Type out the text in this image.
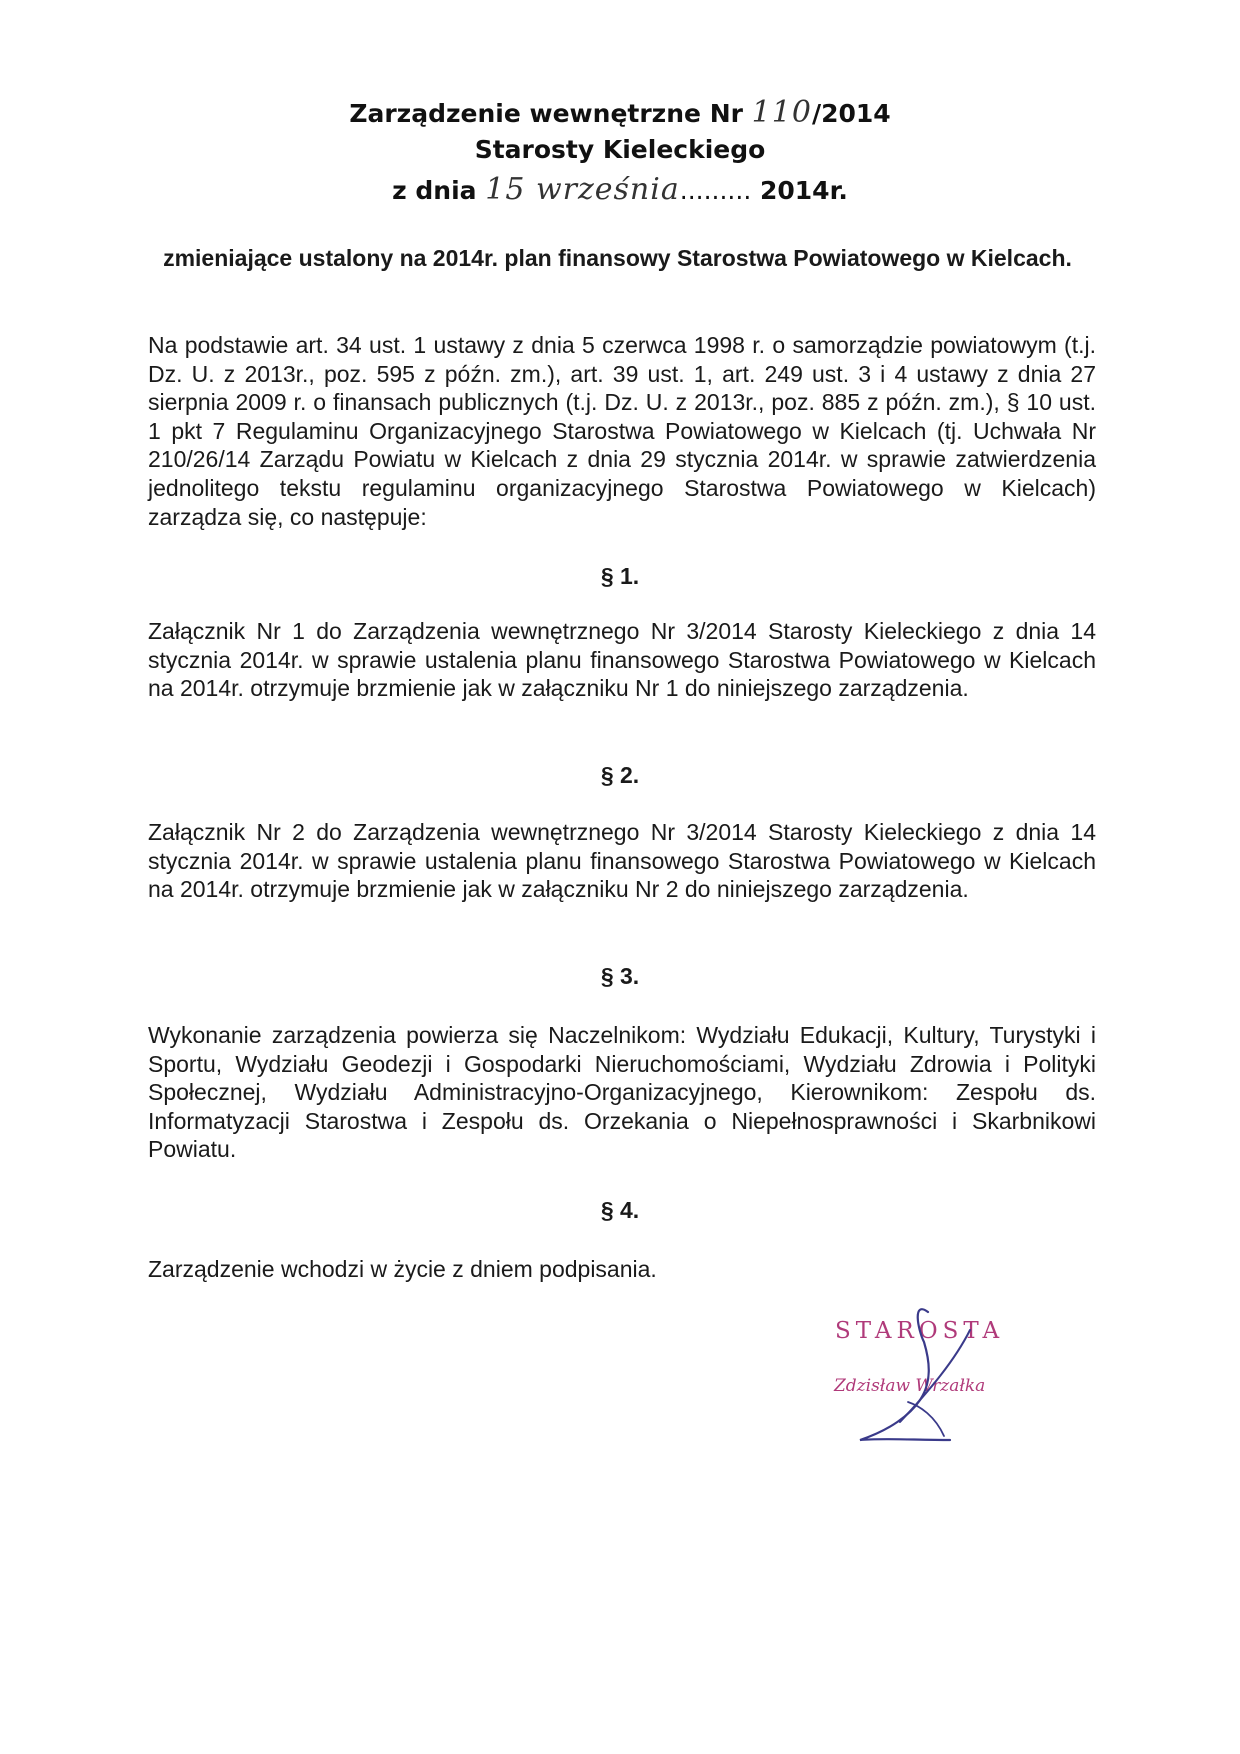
Zarządzenie wewnętrzne Nr 110/2014
Starosty Kieleckiego
z dnia 15 września......... 2014r.
zmieniające ustalony na 2014r. plan finansowy Starostwa Powiatowego w Kielcach.
Na podstawie art. 34 ust. 1 ustawy z dnia 5 czerwca 1998 r. o samorządzie powiatowym (t.j. Dz. U. z 2013r., poz. 595 z późn. zm.), art. 39 ust. 1, art. 249 ust. 3 i 4 ustawy z dnia 27 sierpnia 2009 r. o finansach publicznych (t.j. Dz. U. z 2013r., poz. 885 z późn. zm.), § 10 ust. 1 pkt 7 Regulaminu Organizacyjnego Starostwa Powiatowego w Kielcach (tj. Uchwała Nr 210/26/14 Zarządu Powiatu w Kielcach z dnia 29 stycznia 2014r. w sprawie zatwierdzenia jednolitego tekstu regulaminu organizacyjnego Starostwa Powiatowego w Kielcach) zarządza się, co następuje:
§ 1.
Załącznik Nr 1 do Zarządzenia wewnętrznego Nr 3/2014 Starosty Kieleckiego z dnia 14 stycznia 2014r. w sprawie ustalenia planu finansowego Starostwa Powiatowego w Kielcach na 2014r. otrzymuje brzmienie jak w załączniku Nr 1 do niniejszego zarządzenia.
§ 2.
Załącznik Nr 2 do Zarządzenia wewnętrznego Nr 3/2014 Starosty Kieleckiego z dnia 14 stycznia 2014r. w sprawie ustalenia planu finansowego Starostwa Powiatowego w Kielcach na 2014r. otrzymuje brzmienie jak w załączniku Nr 2 do niniejszego zarządzenia.
§ 3.
Wykonanie zarządzenia powierza się Naczelnikom: Wydziału Edukacji, Kultury, Turystyki i Sportu, Wydziału Geodezji i Gospodarki Nieruchomościami, Wydziału Zdrowia i Polityki Społecznej, Wydziału Administracyjno-Organizacyjnego, Kierownikom: Zespołu ds. Informatyzacji Starostwa i Zespołu ds. Orzekania o Niepełnosprawności i Skarbnikowi Powiatu.
§ 4.
Zarządzenie wchodzi w życie z dniem podpisania.
STAROSTA
Zdzisław Wrzałka
